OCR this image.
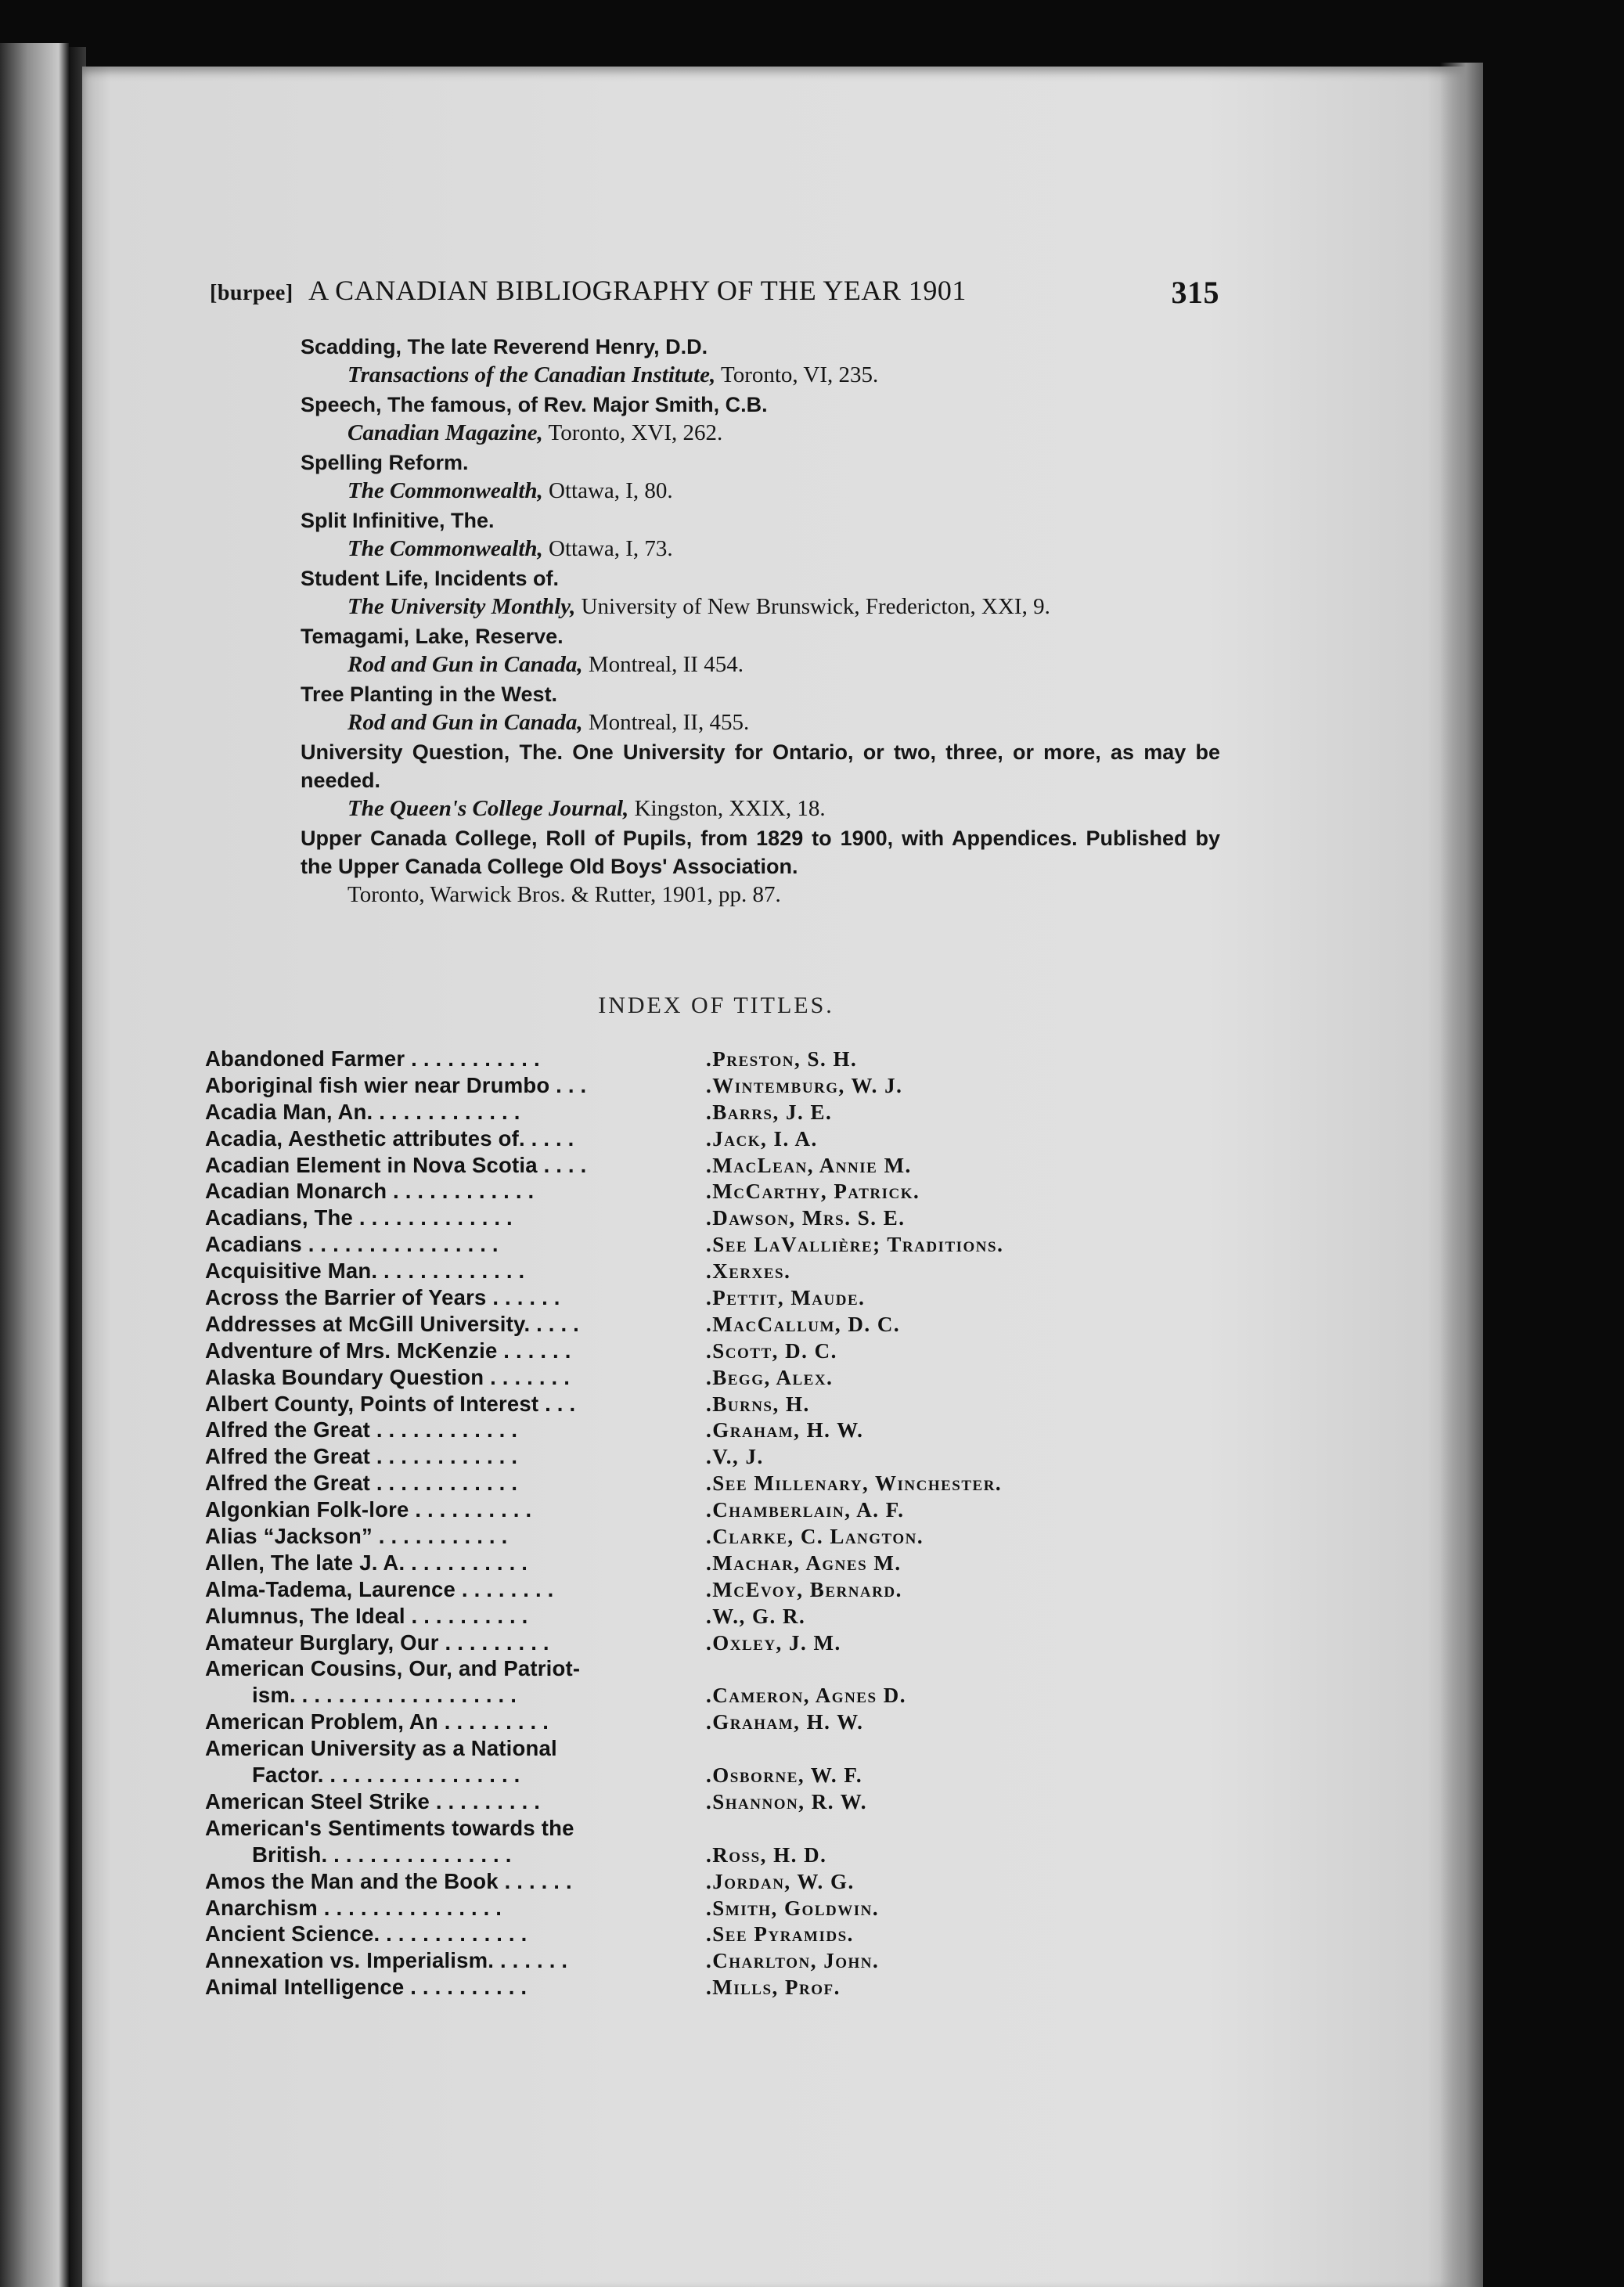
[burpee] A CANADIAN BIBLIOGRAPHY OF THE YEAR 1901	315
Scadding, The late Reverend Henry, D.D.
Transactions of the Canadian Institute, Toronto, VI, 235.
Speech, The famous, of Rev. Major Smith, C.B.
Canadian Magazine, Toronto, XVI, 262.
Spelling Reform.
The Commonwealth, Ottawa, I, 80.
Split Infinitive, The.
The Commonwealth, Ottawa, I, 73.
Student Life, Incidents of.
The University Monthly, University of New Brunswick, Fredericton, XXI, 9.
Temagami, Lake, Reserve.
Rod and Gun in Canada, Montreal, II 454.
Tree Planting in the West.
Rod and Gun in Canada, Montreal, II, 455.
University Question, The. One University for Ontario, or two, three, or more, as may be needed.
The Queen's College Journal, Kingston, XXIX, 18.
Upper Canada College, Roll of Pupils, from 1829 to 1900, with Appendices. Published by the Upper Canada College Old Boys' Association.
Toronto, Warwick Bros. & Rutter, 1901, pp. 87.
INDEX OF TITLES.
Abandoned Farmer . . . . . . . . . . .	.Preston, S. H.
Aboriginal fish wier near Drumbo . . .	.Wintemburg, W. J.
Acadia Man, An. . . . . . . . . . . . .	.Barrs, J. E.
Acadia, Aesthetic attributes of. . . . .	.Jack, I. A.
Acadian Element in Nova Scotia . . . .	.MacLean, Annie M.
Acadian Monarch . . . . . . . . . . . .	.McCarthy, Patrick.
Acadians, The . . . . . . . . . . . . .	.Dawson, Mrs. S. E.
Acadians . . . . . . . . . . . . . . . .	.See LaVallière; Traditions.
Acquisitive Man. . . . . . . . . . . . .	.Xerxes.
Across the Barrier of Years . . . . . .	.Pettit, Maude.
Addresses at McGill University. . . . .	.MacCallum, D. C.
Adventure of Mrs. McKenzie . . . . . .	.Scott, D. C.
Alaska Boundary Question . . . . . . .	.Begg, Alex.
Albert County, Points of Interest . . .	.Burns, H.
Alfred the Great . . . . . . . . . . . .	.Graham, H. W.
Alfred the Great . . . . . . . . . . . .	.V., J.
Alfred the Great . . . . . . . . . . . .	.See Millenary, Winchester.
Algonkian Folk-lore . . . . . . . . . .	.Chamberlain, A. F.
Alias “Jackson” . . . . . . . . . . .	.Clarke, C. Langton.
Allen, The late J. A. . . . . . . . . . .	.Machar, Agnes M.
Alma-Tadema, Laurence . . . . . . . .	.McEvoy, Bernard.
Alumnus, The Ideal . . . . . . . . . .	.W., G. R.
Amateur Burglary, Our . . . . . . . . .	.Oxley, J. M.
American Cousins, Our, and Patriot-
ism. . . . . . . . . . . . . . . . . . .	.Cameron, Agnes D.
American Problem, An . . . . . . . . .	.Graham, H. W.
American University as a National
Factor. . . . . . . . . . . . . . . . .	.Osborne, W. F.
American Steel Strike . . . . . . . . .	.Shannon, R. W.
American's Sentiments towards the
British. . . . . . . . . . . . . . . .	.Ross, H. D.
Amos the Man and the Book . . . . . .	.Jordan, W. G.
Anarchism . . . . . . . . . . . . . . .	.Smith, Goldwin.
Ancient Science. . . . . . . . . . . . .	.See Pyramids.
Annexation vs. Imperialism. . . . . . .	.Charlton, John.
Animal Intelligence . . . . . . . . . .	.Mills, Prof.
